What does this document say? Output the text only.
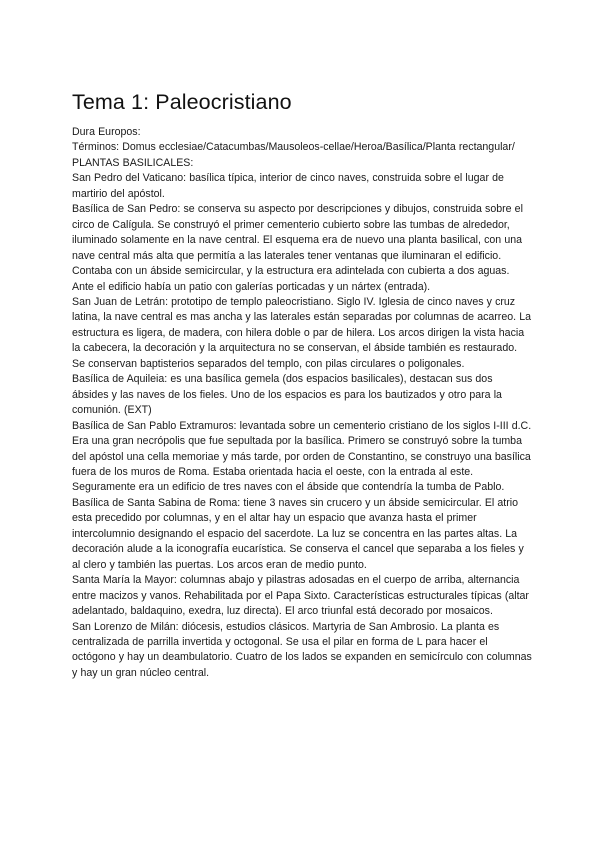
Tema 1: Paleocristiano
Dura Europos:
Términos: Domus ecclesiae/Catacumbas/Mausoleos-cellae/Heroa/Basílica/Planta rectangular/
PLANTAS BASILICALES:
San Pedro del Vaticano: basílica típica, interior de cinco naves, construida sobre el lugar de martirio del apóstol.
Basílica de San Pedro: se conserva su aspecto por descripciones y dibujos, construida sobre el circo de Calígula. Se construyó el primer cementerio cubierto sobre las tumbas de alrededor, iluminado solamente en la nave central. El esquema era de nuevo una planta basilical, con una nave central más alta que permitía a las laterales tener ventanas que iluminaran el edificio. Contaba con un ábside semicircular, y la estructura era adintelada con cubierta a dos aguas. Ante el edificio había un patio con galerías porticadas y un nártex (entrada).
San Juan de Letrán: prototipo de templo paleocristiano. Siglo IV. Iglesia de cinco naves y cruz latina, la nave central es mas ancha y las laterales están separadas por columnas de acarreo. La estructura es ligera, de madera, con hilera doble o par de hilera. Los arcos dirigen la vista hacia la cabecera, la decoración y la arquitectura no se conservan, el ábside también es restaurado. Se conservan baptisterios separados del templo, con pilas circulares o poligonales.
Basílica de Aquileia: es una basílica gemela (dos espacios basilicales), destacan sus dos ábsides y las naves de los fieles. Uno de los espacios es para los bautizados y otro para la comunión. (EXT)
Basílica de San Pablo Extramuros: levantada sobre un cementerio cristiano de los siglos I-III d.C. Era una gran necrópolis que fue sepultada por la basílica. Primero se construyó sobre la tumba del apóstol una cella memoriae y más tarde, por orden de Constantino, se construyo una basílica fuera de los muros de Roma. Estaba orientada hacia el oeste, con la entrada al este. Seguramente era un edificio de tres naves con el ábside que contendría la tumba de Pablo.
Basílica de Santa Sabina de Roma: tiene 3 naves sin crucero y un ábside semicircular. El atrio esta precedido por columnas, y en el altar hay un espacio que avanza hasta el primer intercolumnio designando el espacio del sacerdote. La luz se concentra en las partes altas. La decoración alude a la iconografía eucarística. Se conserva el cancel que separaba a los fieles y al clero y también las puertas. Los arcos eran de medio punto.
Santa María la Mayor: columnas abajo y pilastras adosadas en el cuerpo de arriba, alternancia entre macizos y vanos. Rehabilitada por el Papa Sixto. Características estructurales típicas (altar adelantado, baldaquino, exedra, luz directa). El arco triunfal está decorado por mosaicos.
San Lorenzo de Milán: diócesis, estudios clásicos. Martyria de San Ambrosio. La planta es centralizada de parrilla invertida y octogonal. Se usa el pilar en forma de L para hacer el octógono y hay un deambulatorio. Cuatro de los lados se expanden en semicírculo con columnas y hay un gran núcleo central.
